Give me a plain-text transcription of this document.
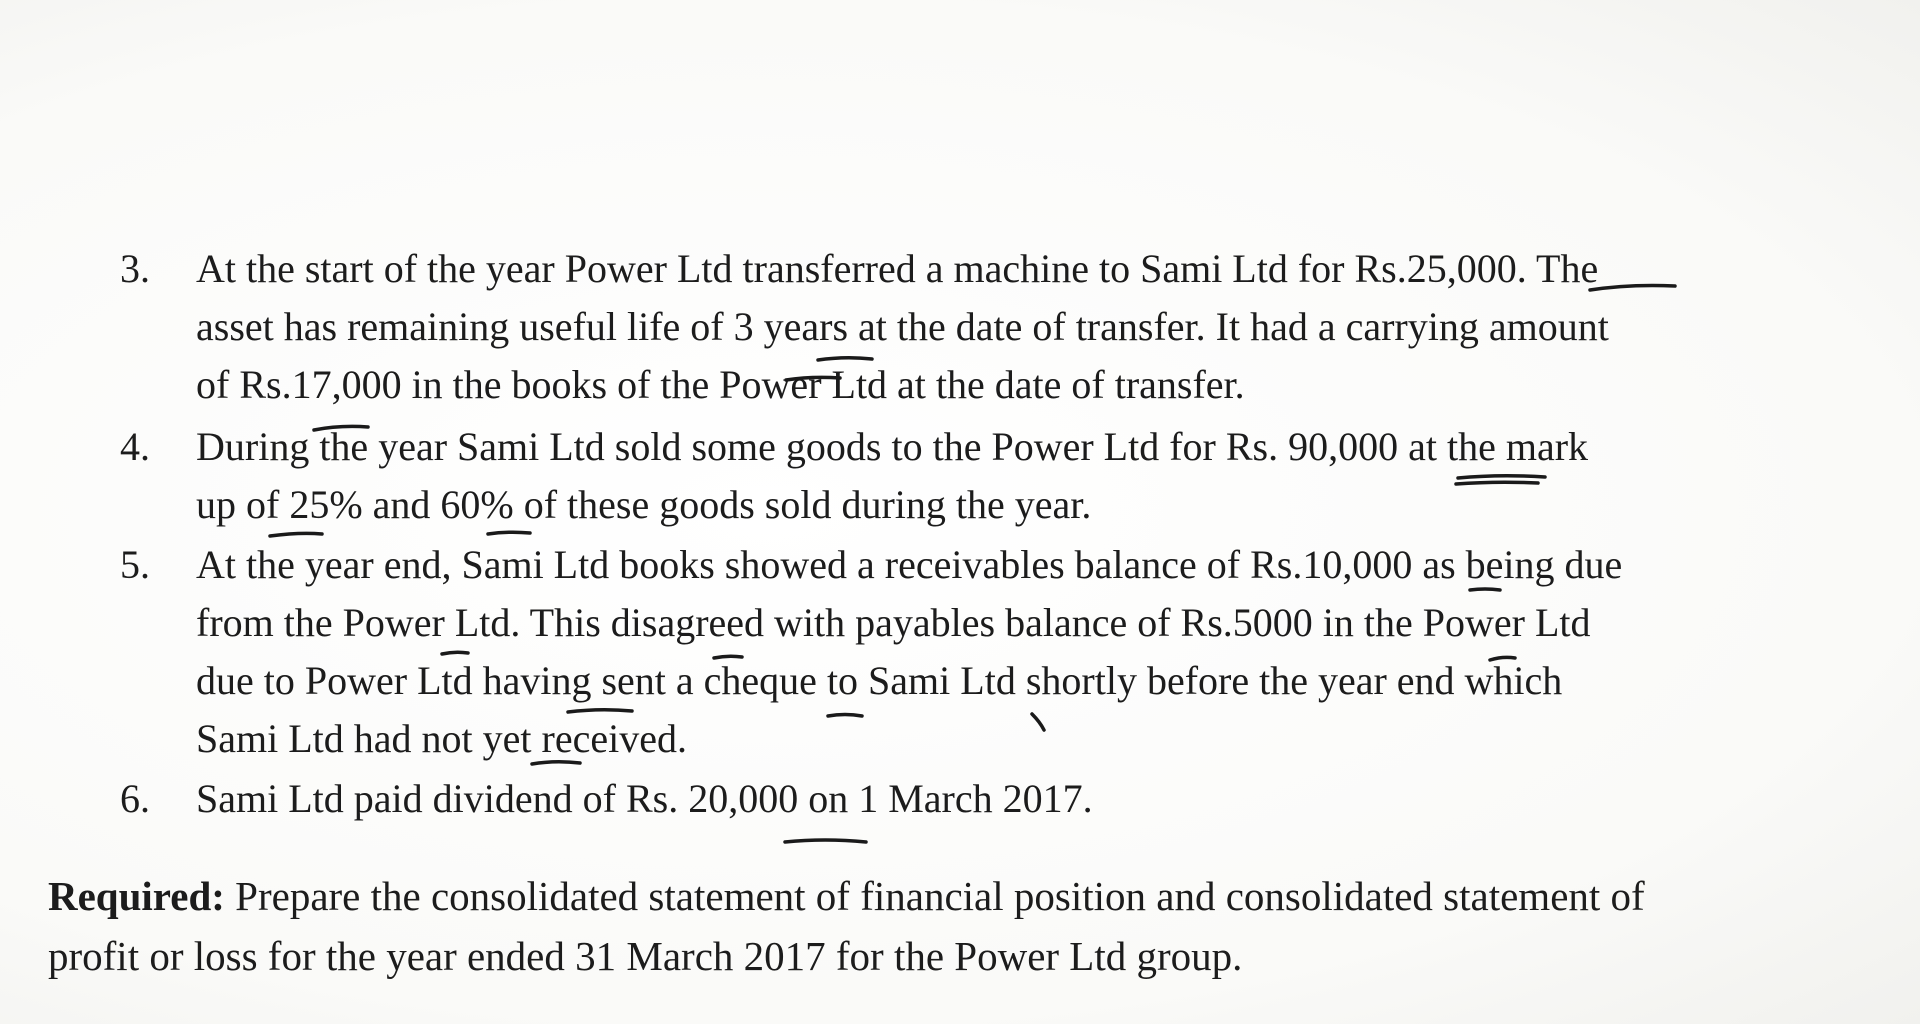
3.	At the start of the year Power Ltd transferred a machine to Sami Ltd for Rs.25,000. The
asset has remaining useful life of 3 years at the date of transfer. It had a carrying amount
of Rs.17,000 in the books of the Power Ltd at the date of transfer.
4.	During the year Sami Ltd sold some goods to the Power Ltd for Rs. 90,000 at the mark
up of 25% and 60% of these goods sold during the year.
5.	At the year end, Sami Ltd books showed a receivables balance of Rs.10,000 as being due
from the Power Ltd. This disagreed with payables balance of Rs.5000 in the Power Ltd
due to Power Ltd having sent a cheque to Sami Ltd shortly before the year end which
Sami Ltd had not yet received.
6.	Sami Ltd paid dividend of Rs. 20,000 on 1 March 2017.
Required: Prepare the consolidated statement of financial position and consolidated statement of
profit or loss for the year ended 31 March 2017 for the Power Ltd group.
